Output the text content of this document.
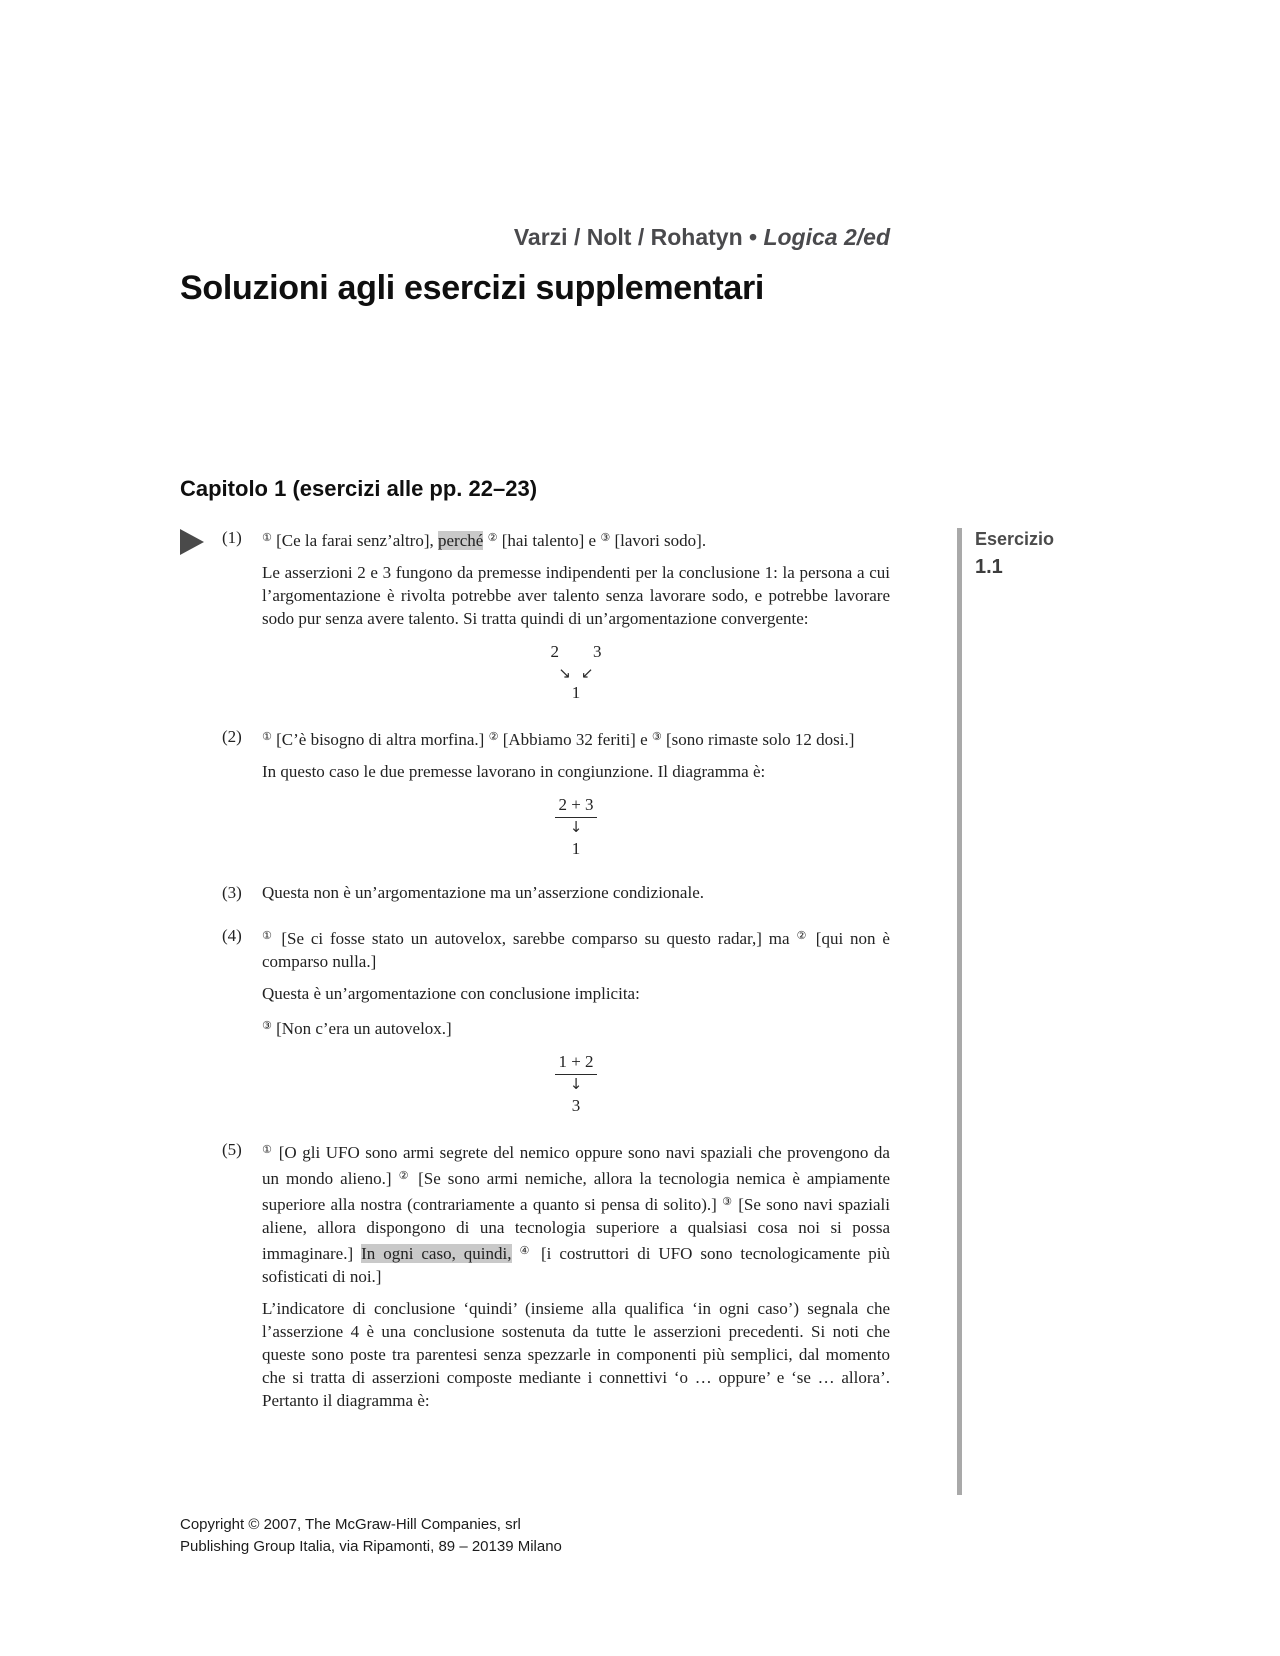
Varzi / Nolt / Rohatyn • Logica 2/ed
Soluzioni agli esercizi supplementari
Capitolo 1 (esercizi alle pp. 22–23)
(1) ① [Ce la farai senz’altro], perché ② [hai talento] e ③ [lavori sodo].

Le asserzioni 2 e 3 fungono da premesse indipendenti per la conclusione 1: la persona a cui l’argomentazione è rivolta potrebbe aver talento senza lavorare sodo, e potrebbe lavorare sodo pur senza avere talento. Si tratta quindi di un’argomentazione convergente:

2 3
↘ ↙
1
(2) ① [C’è bisogno di altra morfina.] ② [Abbiamo 32 feriti] e ③ [sono rimaste solo 12 dosi.]

In questo caso le due premesse lavorano in congiunzione. Il diagramma è:

2 + 3
↓
1
(3) Questa non è un’argomentazione ma un’asserzione condizionale.

(4) ① [Se ci fosse stato un autovelox, sarebbe comparso su questo radar,] ma ② [qui non è comparso nulla.]

Questa è un’argomentazione con conclusione implicita:

③ [Non c’era un autovelox.]

1 + 2
↓
3
(5) ① [O gli UFO sono armi segrete del nemico oppure sono navi spaziali che provengono da un mondo alieno.] ② [Se sono armi nemiche, allora la tecnologia nemica è ampiamente superiore alla nostra (contrariamente a quanto si pensa di solito).] ③ [Se sono navi spaziali aliene, allora dispongono di una tecnologia superiore a qualsiasi cosa noi si possa immaginare.] In ogni caso, quindi, ④ [i costruttori di UFO sono tecnologicamente più sofisticati di noi.]

L’indicatore di conclusione ‘quindi’ (insieme alla qualifica ‘in ogni caso’) segnala che l’asserzione 4 è una conclusione sostenuta da tutte le asserzioni precedenti. Si noti che queste sono poste tra parentesi senza spezzarle in componenti più semplici, dal momento che si tratta di asserzioni composte mediante i connettivi ‘o … oppure’ e ‘se … allora’. Pertanto il diagramma è:

Esercizio
1.1
Copyright © 2007, The McGraw-Hill Companies, srl
Publishing Group Italia, via Ripamonti, 89 – 20139 Milano
